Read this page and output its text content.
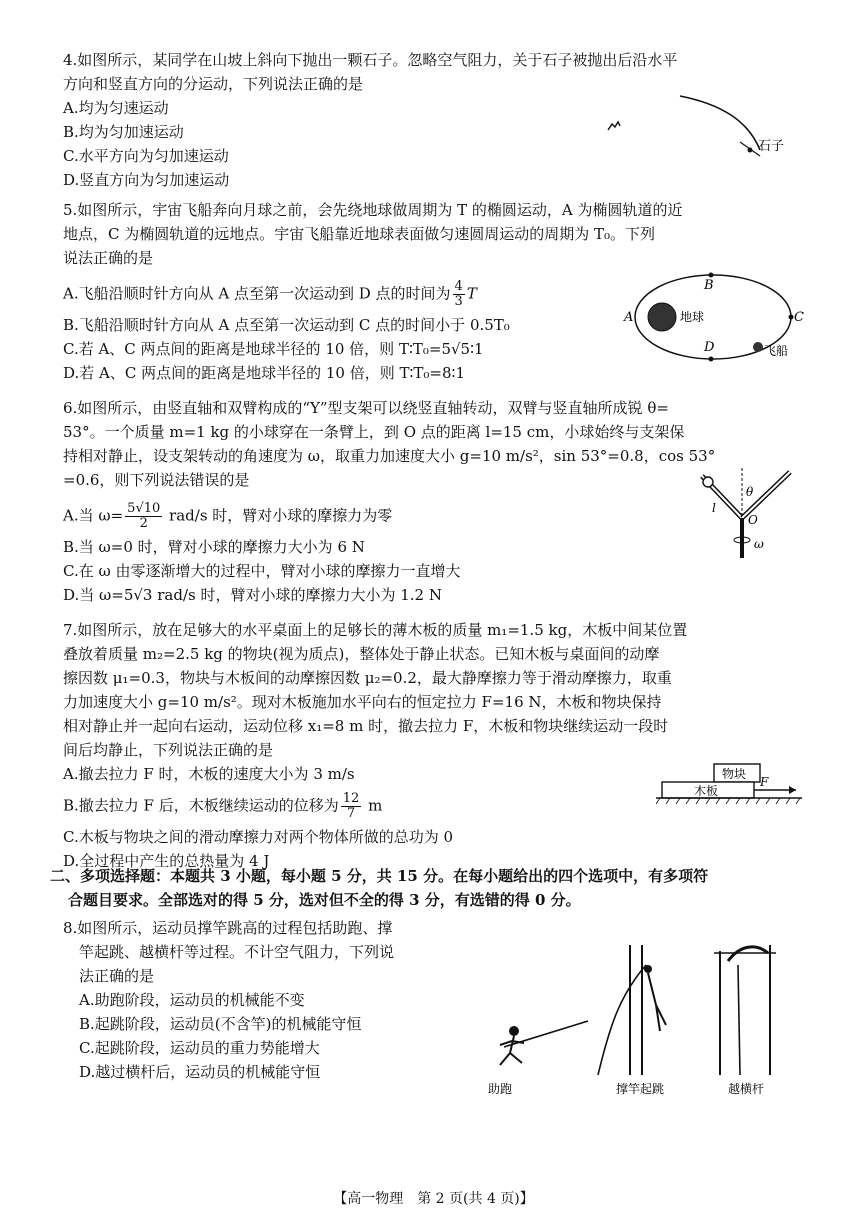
4.如图所示，某同学在山坡上斜向下抛出一颗石子。忽略空气阻力，关于石子被抛出后沿水平
方向和竖直方向的分运动，下列说法正确的是
A.均为匀速运动
B.均为匀加速运动
C.水平方向为匀加速运动
D.竖直方向为匀加速运动
石子
5.如图所示，宇宙飞船奔向月球之前，会先绕地球做周期为 T 的椭圆运动，A 为椭圆轨道的近
地点，C 为椭圆轨道的远地点。宇宙飞船靠近地球表面做匀速圆周运动的周期为 T₀。下列
说法正确的是
A.飞船沿顺时针方向从 A 点至第一次运动到 D 点的时间为 $\frac{4}{3}$ T
B.飞船沿顺时针方向从 A 点至第一次运动到 C 点的时间小于 0.5T₀
C.若 A、C 两点间的距离是地球半径的 10 倍，则 T∶T₀=5√5∶1
D.若 A、C 两点间的距离是地球半径的 10 倍，则 T∶T₀=8∶1
A
B
C
D
地球
飞船
6.如图所示，由竖直轴和双臂构成的“Y”型支架可以绕竖直轴转动，双臂与竖直轴所成锐 θ=
53°。一个质量 m=1 kg 的小球穿在一条臂上，到 O 点的距离 l=15 cm，小球始终与支架保
持相对静止，设支架转动的角速度为 ω，取重力加速度大小 g=10 m/s²，sin 53°=0.8，cos 53°
=0.6，则下列说法错误的是
A.当 $\omega= \frac{5√10}{2} rad/s$ 时，臂对小球的摩擦力为零
B.当 ω=0 时，臂对小球的摩擦力大小为 6 N
C.在 ω 由零逐渐增大的过程中，臂对小球的摩擦力一直增大
D.当 ω=5√3 rad/s 时，臂对小球的摩擦力大小为 1.2 N
θ
l
O
ω
7.如图所示，放在足够大的水平桌面上的足够长的薄木板的质量 m₁=1.5 kg，木板中间某位置
叠放着质量 m₂=2.5 kg 的物块(视为质点)，整体处于静止状态。已知木板与桌面间的动摩
擦因数 μ₁=0.3，物块与木板间的动摩擦因数 μ₂=0.2，最大静摩擦力等于滑动摩擦力，取重
力加速度大小 g=10 m/s²。现对木板施加水平向右的恒定拉力 F=16 N，木板和物块保持
相对静止并一起向右运动，运动位移 x₁=8 m 时，撤去拉力 F，木板和物块继续运动一段时
间后均静止，下列说法正确的是
A.撤去拉力 F 时，木板的速度大小为 3 m/s
B.撤去拉力 F 后，木板继续运动的位移为 $\frac{12}{7}$ m
C.木板与物块之间的滑动摩擦力对两个物体所做的总功为 0
D.全过程中产生的总热量为 4 J
物块
木板
F
二、多项选择题：本题共 3 小题，每小题 5 分，共 15 分。在每小题给出的四个选项中，有多项符
合题目要求。全部选对的得 5 分，选对但不全的得 3 分，有选错的得 0 分。
8.如图所示，运动员撑竿跳高的过程包括助跑、撑
竿起跳、越横杆等过程。不计空气阻力，下列说
法正确的是
A.助跑阶段，运动员的机械能不变
B.起跳阶段，运动员(不含竿)的机械能守恒
C.起跳阶段，运动员的重力势能增大
D.越过横杆后，运动员的机械能守恒
助跑	撑竿起跳	越横杆
【高一物理　第 2 页(共 4 页)】
